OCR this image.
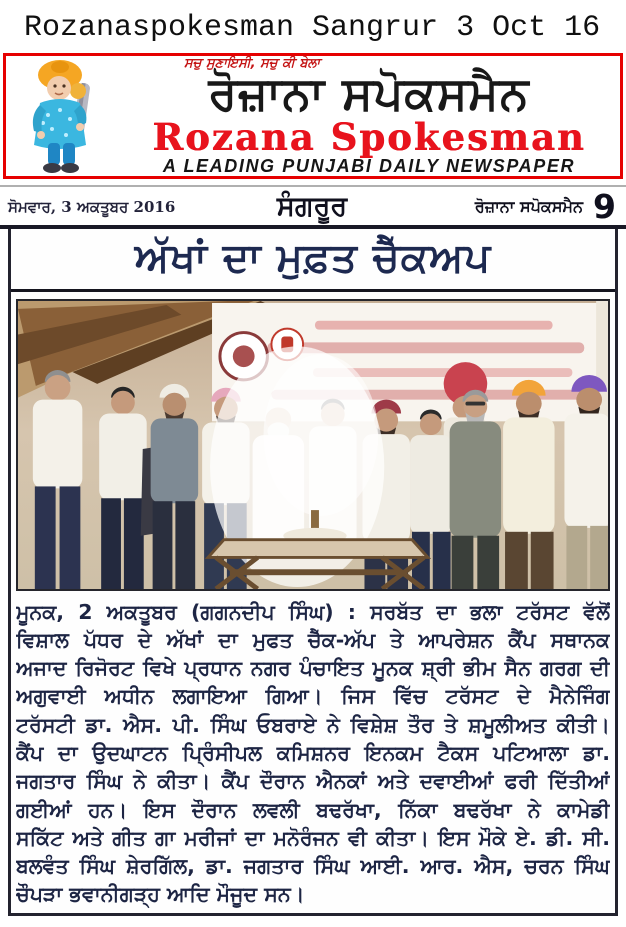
Rozanaspokesman Sangrur 3 Oct 16
ਸਚੁ ਸੁਣਾਇਸੀ, ਸਚੁ ਕੀ ਬੇਲਾ
ਰੋਜ਼ਾਨਾ ਸਪੋਕਸਮੈਨ
Rozana Spokesman
A LEADING PUNJABI DAILY NEWSPAPER
ਸੋਮਵਾਰ, 3 ਅਕਤੂਬਰ 2016	ਸੰਗਰੂਰ	ਰੋਜ਼ਾਨਾ ਸਪੋਕਸਮੈਨ 9
ਅੱਖਾਂ ਦਾ ਮੁਫ਼ਤ ਚੈੱਕਅਪ
ਮੂਨਕ, 2 ਅਕਤੂਬਰ (ਗਗਨਦੀਪ ਸਿੰਘ) : ਸਰਬੱਤ ਦਾ ਭਲਾ ਟਰੱਸਟ ਵੱਲੋਂ
ਵਿਸ਼ਾਲ ਪੱਧਰ ਦੇ ਅੱਖਾਂ ਦਾ ਮੁਫਤ ਚੈੱਕ-ਅੱਪ ਤੇ ਆਪਰੇਸ਼ਨ ਕੈਂਪ ਸਥਾਨਕ
ਅਜਾਦ ਰਿਜੋਰਟ ਵਿਖੇ ਪ੍ਰਧਾਨ ਨਗਰ ਪੰਚਾਇਤ ਮੂਨਕ ਸ਼੍ਰੀ ਭੀਮ ਸੈਨ ਗਰਗ ਦੀ
ਅਗੁਵਾਈ ਅਧੀਨ ਲਗਾਇਆ ਗਿਆ। ਜਿਸ ਵਿੱਚ ਟਰੱਸਟ ਦੇ ਮੈਨੇਜਿੰਗ
ਟਰੱਸਟੀ ਡਾ. ਐਸ. ਪੀ. ਸਿੰਘ ਓਬਰਾਏ ਨੇ ਵਿਸ਼ੇਸ਼ ਤੌਰ ਤੇ ਸ਼ਮੂਲੀਅਤ ਕੀਤੀ।
ਕੈਂਪ ਦਾ ਉਦਘਾਟਨ ਪ੍ਰਿੰਸੀਪਲ ਕਮਿਸ਼ਨਰ ਇਨਕਮ ਟੈਕਸ ਪਟਿਆਲਾ ਡਾ.
ਜਗਤਾਰ ਸਿੰਘ ਨੇ ਕੀਤਾ। ਕੈਂਪ ਦੌਰਾਨ ਐਨਕਾਂ ਅਤੇ ਦਵਾਈਆਂ ਫਰੀ ਦਿੱਤੀਆਂ
ਗਈਆਂ ਹਨ। ਇਸ ਦੌਰਾਨ ਲਵਲੀ ਬਢਰੱਖਾ, ਨਿੱਕਾ ਬਢਰੱਖਾ ਨੇ ਕਾਮੇਡੀ
ਸਕਿੱਟ ਅਤੇ ਗੀਤ ਗਾ ਮਰੀਜਾਂ ਦਾ ਮਨੋਰੰਜਨ ਵੀ ਕੀਤਾ। ਇਸ ਮੌਕੇ ਏ. ਡੀ. ਸੀ.
ਬਲਵੰਤ ਸਿੰਘ ਸ਼ੇਰਗਿੱਲ, ਡਾ. ਜਗਤਾਰ ਸਿੰਘ ਆਈ. ਆਰ. ਐਸ, ਚਰਨ ਸਿੰਘ
ਚੌਪੜਾ ਭਵਾਨੀਗੜ੍ਹ ਆਦਿ ਮੌਜੂਦ ਸਨ।
